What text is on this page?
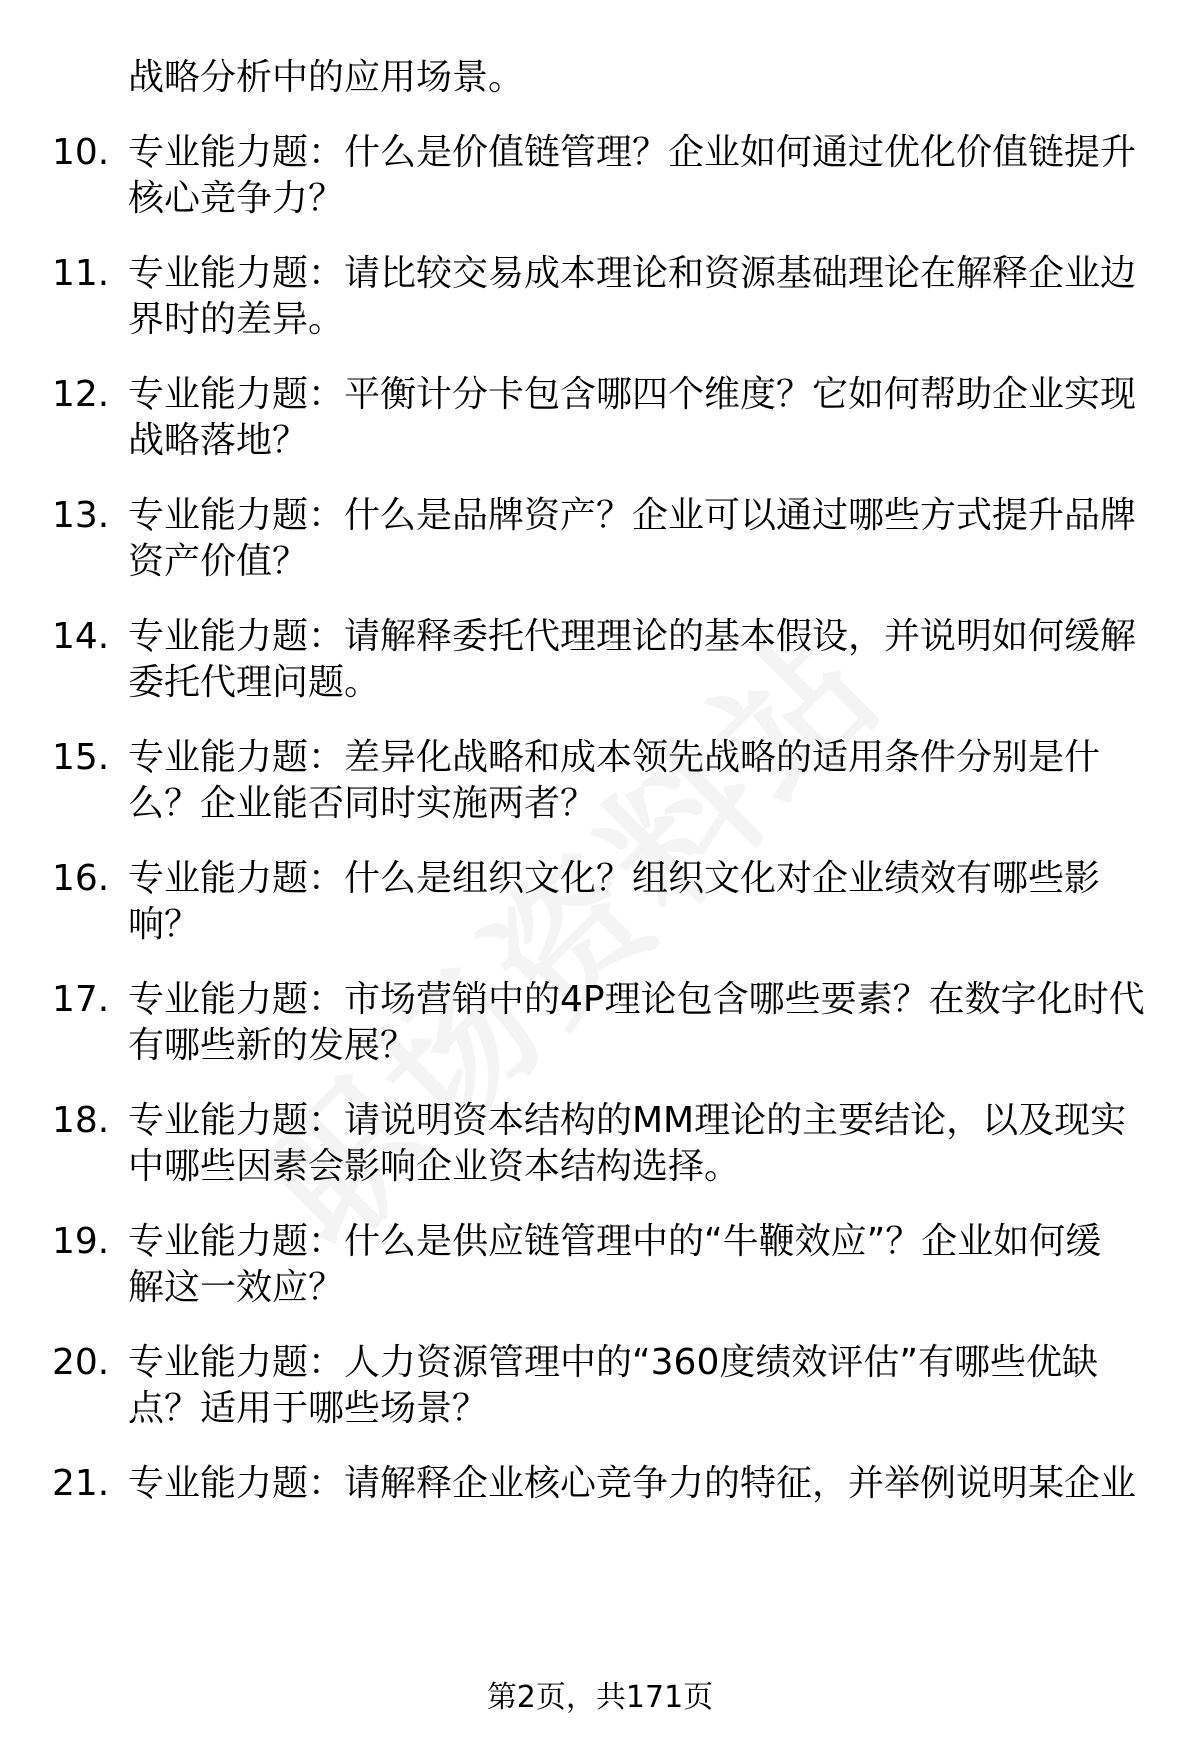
战略分析中的应用场景。
10. 专业能力题：什么是价值链管理？企业如何通过优化价值链提升
核心竞争力？
11. 专业能力题：请比较交易成本理论和资源基础理论在解释企业边
界时的差异。
12. 专业能力题：平衡计分卡包含哪四个维度？它如何帮助企业实现
战略落地？
13. 专业能力题：什么是品牌资产？企业可以通过哪些方式提升品牌
资产价值？
14. 专业能力题：请解释委托代理理论的基本假设，并说明如何缓解
委托代理问题。
15. 专业能力题：差异化战略和成本领先战略的适用条件分别是什
么？企业能否同时实施两者？
16. 专业能力题：什么是组织文化？组织文化对企业绩效有哪些影
响？
17. 专业能力题：市场营销中的4P理论包含哪些要素？在数字化时代
有哪些新的发展？
18. 专业能力题：请说明资本结构的MM理论的主要结论，以及现实
中哪些因素会影响企业资本结构选择。
19. 专业能力题：什么是供应链管理中的“牛鞭效应”？企业如何缓
解这一效应？
20. 专业能力题：人力资源管理中的“360度绩效评估”有哪些优缺
点？适用于哪些场景？
21. 专业能力题：请解释企业核心竞争力的特征，并举例说明某企业
第2页，共171页
